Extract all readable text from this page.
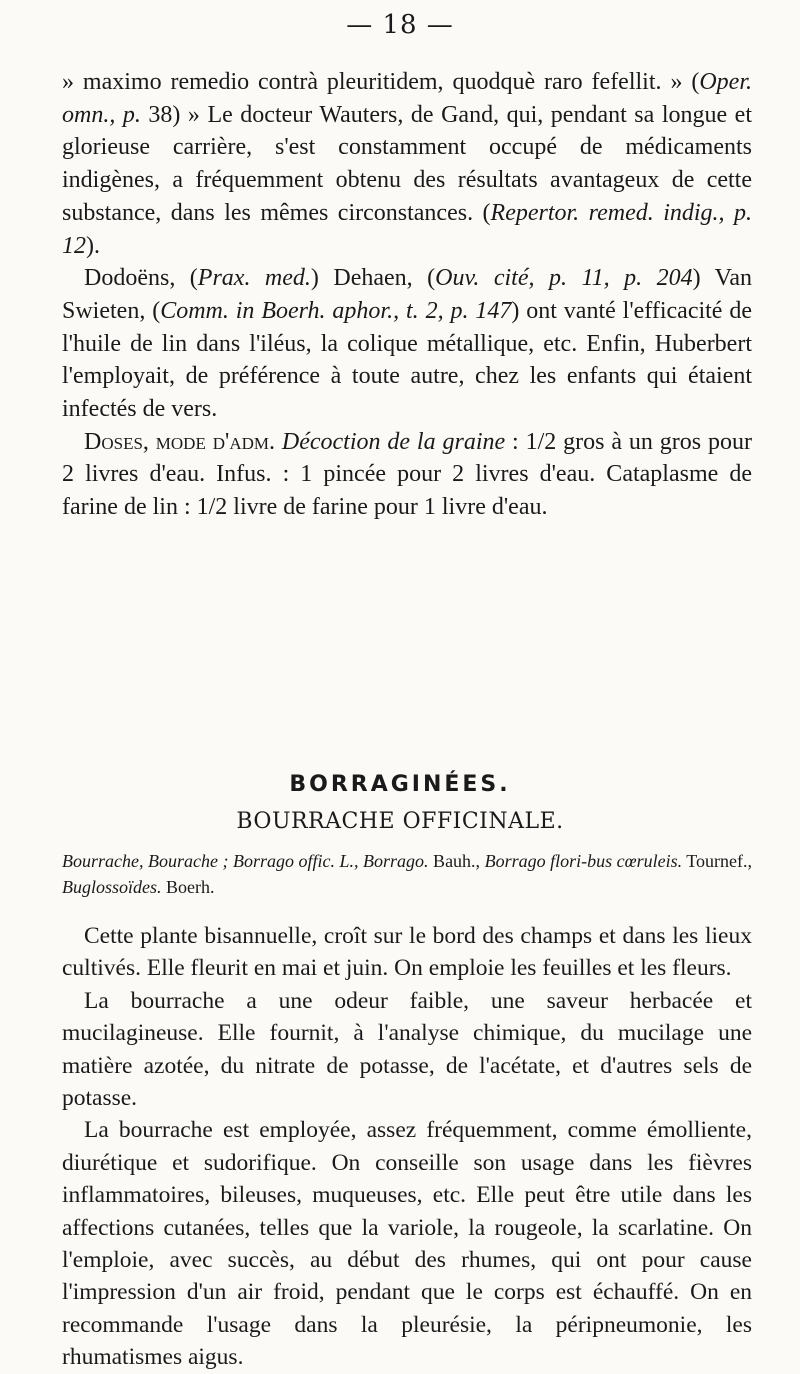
— 18 —

» maximo remedio contrà pleuritidem, quodquè raro fefellit. » (Oper. omn., p. 38) » Le docteur Wauters, de Gand, qui, pendant sa longue et glorieuse carrière, s'est constamment occupé de médicaments indigènes, a fréquemment obtenu des résultats avantageux de cette substance, dans les mêmes circonstances. (Repertor. remed. indig., p. 12).

Dodoëns, (Prax. med.) Dehaen, (Ouv. cité, p. 11, p. 204) Van Swieten, (Comm. in Boerh. aphor., t. 2, p. 147) ont vanté l'efficacité de l'huile de lin dans l'iléus, la colique métallique, etc. Enfin, Huberbert l'employait, de préférence à toute autre, chez les enfants qui étaient infectés de vers.

Doses, mode d'adm. Décoction de la graine : 1/2 gros à un gros pour 2 livres d'eau. Infus. : 1 pincée pour 2 livres d'eau. Cataplasme de farine de lin : 1/2 livre de farine pour 1 livre d'eau.

BORRAGINÉES.
BOURRACHE OFFICINALE.
Bourrache, Bourache ; Borrago offic. L., Borrago. Bauh., Borrago flori-bus cœruleis. Tournef., Buglossoïdes. Boerh.

Cette plante bisannuelle, croît sur le bord des champs et dans les lieux cultivés. Elle fleurit en mai et juin. On emploie les feuilles et les fleurs.

La bourrache a une odeur faible, une saveur herbacée et mucilagineuse. Elle fournit, à l'analyse chimique, du mucilage une matière azotée, du nitrate de potasse, de l'acétate, et d'autres sels de potasse.

La bourrache est employée, assez fréquemment, comme émolliente, diurétique et sudorifique. On conseille son usage dans les fièvres inflammatoires, bileuses, muqueuses, etc. Elle peut être utile dans les affections cutanées, telles que la variole, la rougeole, la scarlatine. On l'emploie, avec succès, au début des rhumes, qui ont pour cause l'impression d'un air froid, pendant que le corps est échauffé. On en recommande l'usage dans la pleurésie, la péripneumonie, les rhumatismes aigus.
